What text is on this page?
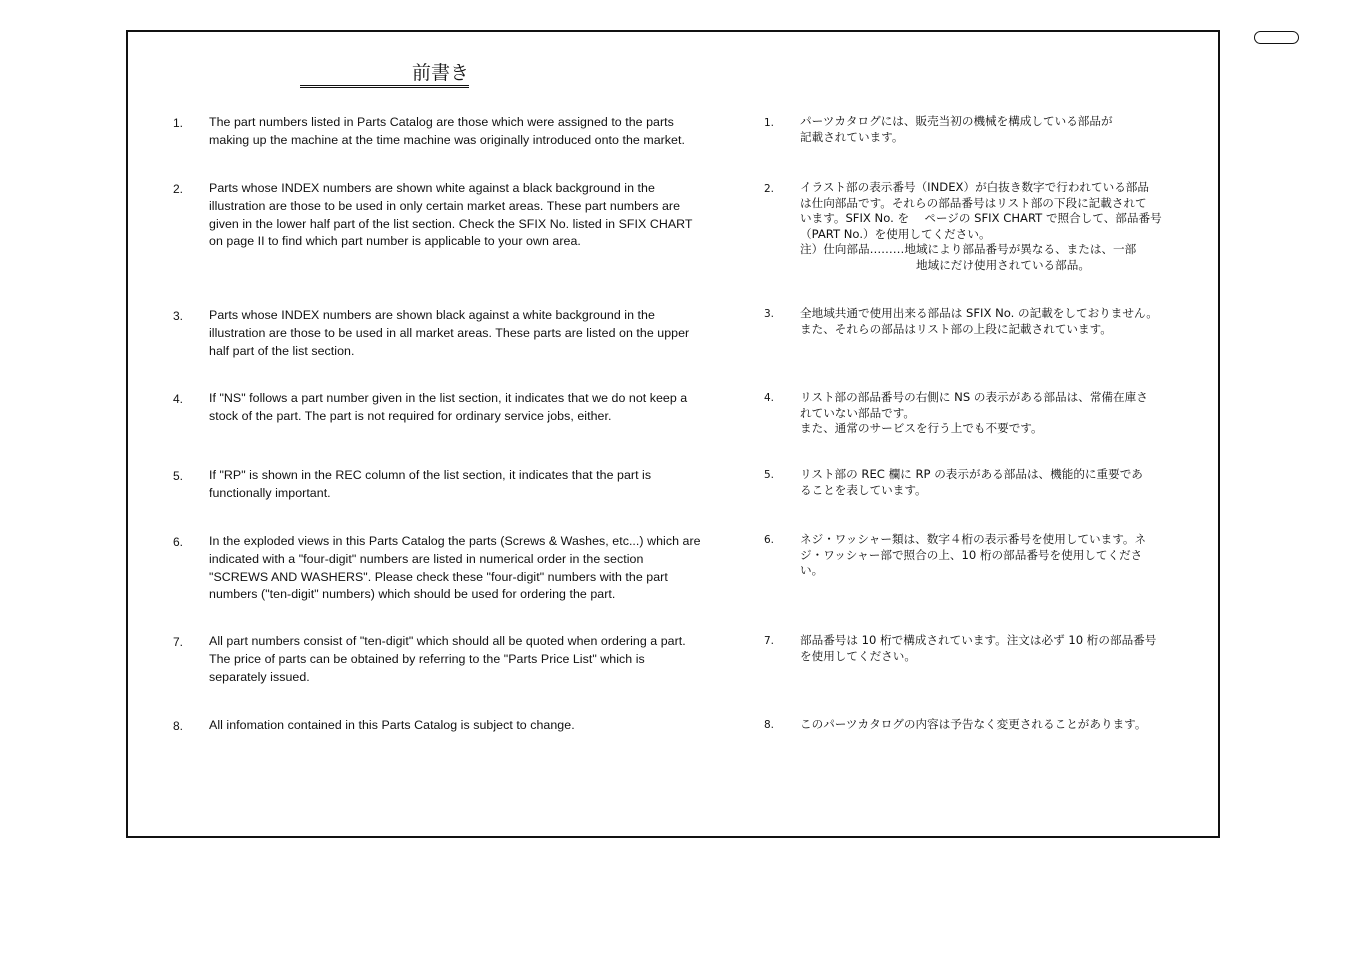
前書き
1. The part numbers listed in Parts Catalog are those which were assigned to the parts
making up the machine at the time machine was originally introduced onto the market.
1. パーツカタログには、販売当初の機械を構成している部品が
記載されています。
2. Parts whose INDEX numbers are shown white against a black background in the
illustration are those to be used in only certain market areas. These part numbers are
given in the lower half part of the list section. Check the SFIX No. listed in SFIX CHART
on page II to find which part number is applicable to your own area.
2. イラスト部の表示番号（INDEX）が白抜き数字で行われている部品
は仕向部品です。それらの部品番号はリスト部の下段に記載されて
います。SFIX No. を　 ページの SFIX CHART で照合して、部品番号
（PART No.）を使用してください。
注）仕向部品………地域により部品番号が異なる、または、一部
地域にだけ使用されている部品。
3. Parts whose INDEX numbers are shown black against a white background in the
illustration are those to be used in all market areas. These parts are listed on the upper
half part of the list section.
3. 全地域共通で使用出来る部品は SFIX No. の記載をしておりません。
また、それらの部品はリスト部の上段に記載されています。
4. If "NS" follows a part number given in the list section, it indicates that we do not keep a
stock of the part. The part is not required for ordinary service jobs, either.
4. リスト部の部品番号の右側に NS の表示がある部品は、常備在庫さ
れていない部品です。
また、通常のサービスを行う上でも不要です。
5. If "RP" is shown in the REC column of the list section, it indicates that the part is
functionally important.
5. リスト部の REC 欄に RP の表示がある部品は、機能的に重要であ
ることを表しています。
6. In the exploded views in this Parts Catalog the parts (Screws & Washes, etc...) which are
indicated with a "four-digit" numbers are listed in numerical order in the section
"SCREWS AND WASHERS". Please check these "four-digit" numbers with the part
numbers ("ten-digit" numbers) which should be used for ordering the part.
6. ネジ・ワッシャー類は、数字４桁の表示番号を使用しています。ネ
ジ・ワッシャー部で照合の上、10 桁の部品番号を使用してくださ
い。
7. All part numbers consist of "ten-digit" which should all be quoted when ordering a part.
The price of parts can be obtained by referring to the "Parts Price List" which is
separately issued.
7. 部品番号は 10 桁で構成されています。注文は必ず 10 桁の部品番号
を使用してください。
8. All infomation contained in this Parts Catalog is subject to change.	8. このパーツカタログの内容は予告なく変更されることがあります。
